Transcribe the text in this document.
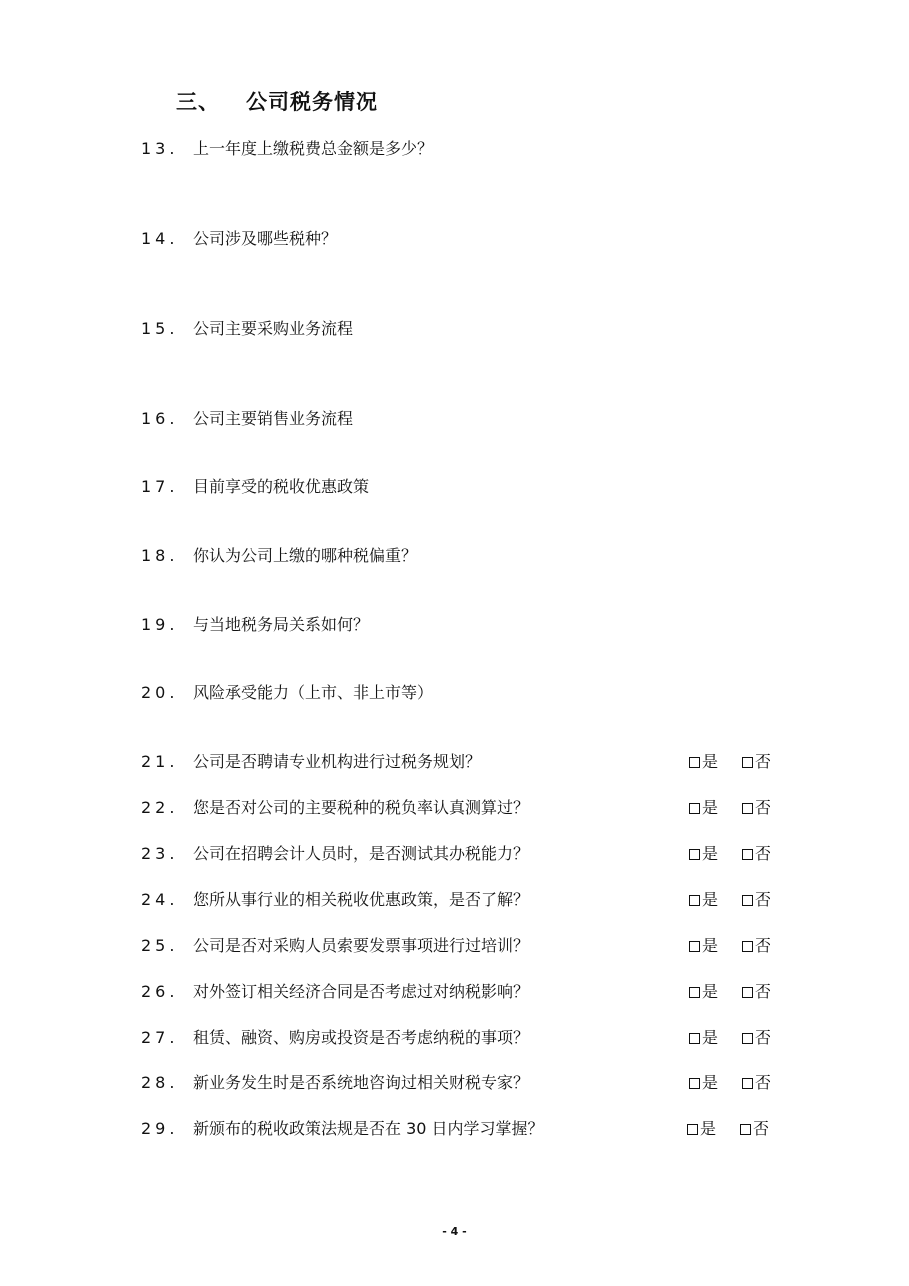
三、 公司税务情况
13. 上一年度上缴税费总金额是多少？
14. 公司涉及哪些税种？
15. 公司主要采购业务流程
16. 公司主要销售业务流程
17. 目前享受的税收优惠政策
18. 你认为公司上缴的哪种税偏重？
19. 与当地税务局关系如何？
20. 风险承受能力（上市、非上市等）
21. 公司是否聘请专业机构进行过税务规划？	是 否
22. 您是否对公司的主要税种的税负率认真测算过？	是 否
23. 公司在招聘会计人员时，是否测试其办税能力？	是 否
24. 您所从事行业的相关税收优惠政策，是否了解？	是 否
25. 公司是否对采购人员索要发票事项进行过培训？	是 否
26. 对外签订相关经济合同是否考虑过对纳税影响？	是 否
27. 租赁、融资、购房或投资是否考虑纳税的事项？	是 否
28. 新业务发生时是否系统地咨询过相关财税专家？	是 否
29. 新颁布的税收政策法规是否在 30 日内学习掌握？	是 否
- 4 -
